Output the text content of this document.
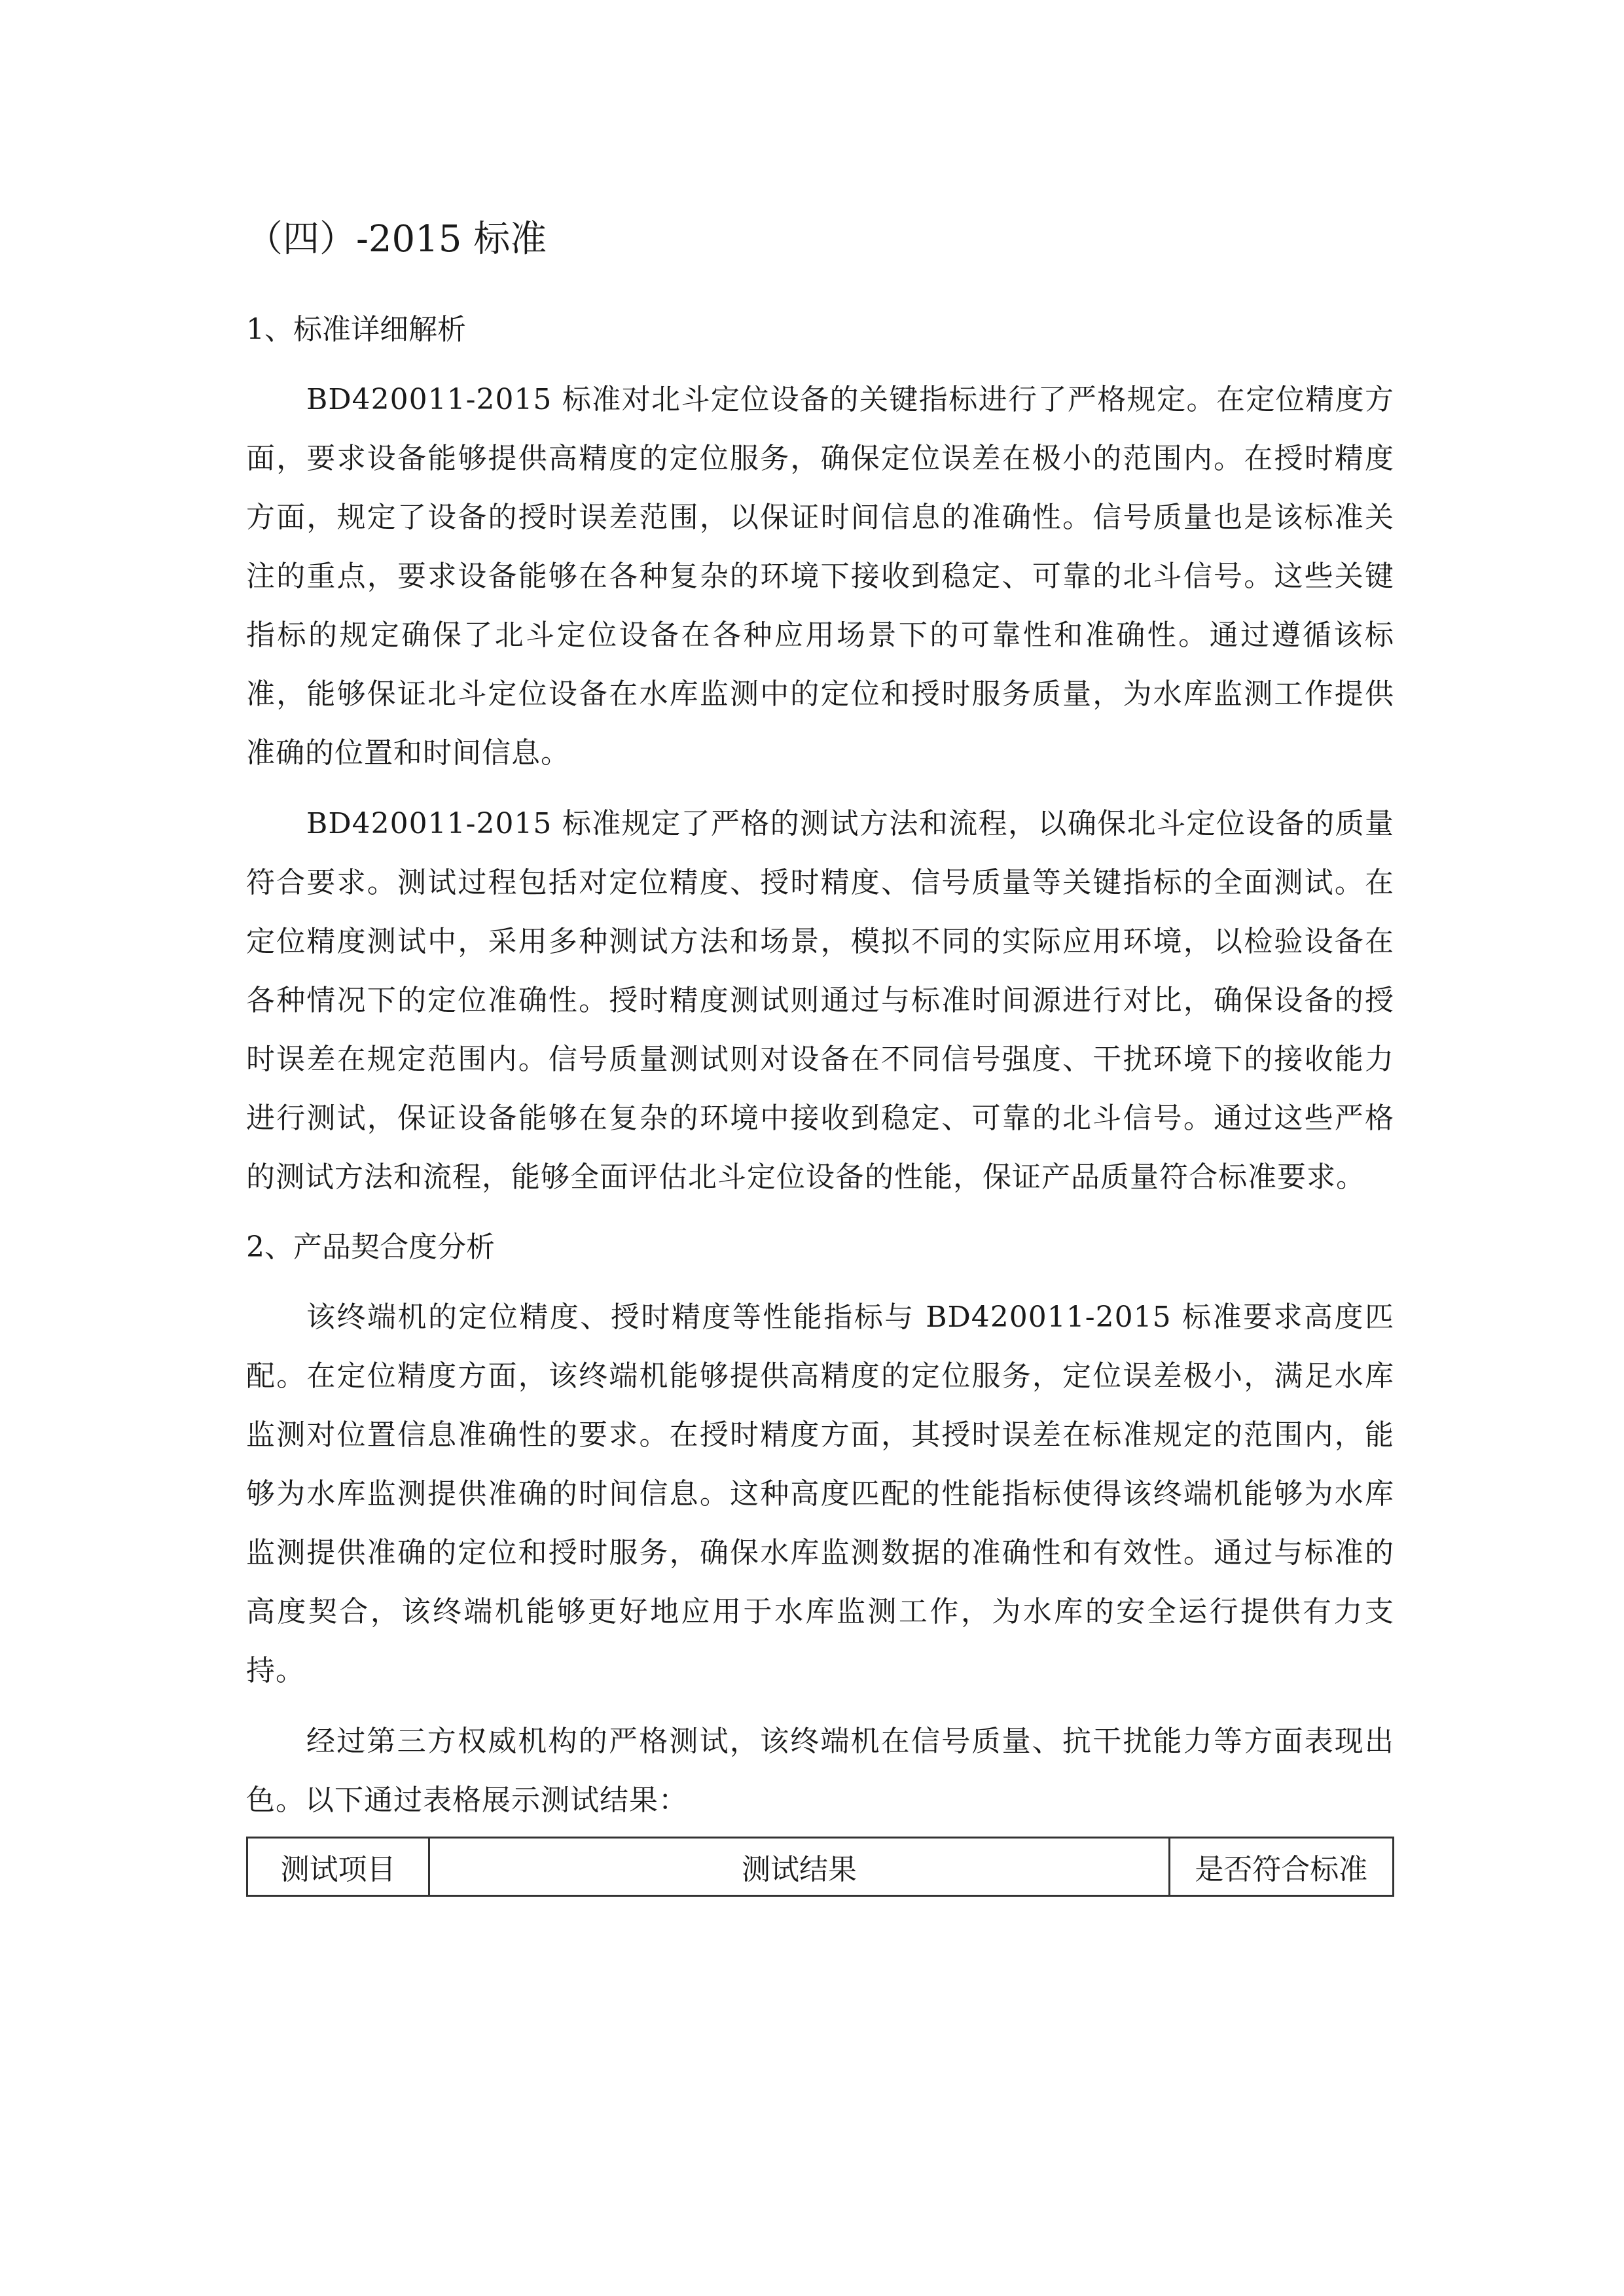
（四）-2015 标准
1、标准详细解析

BD420011-2015 标准对北斗定位设备的关键指标进行了严格规定。在定位精度方面，要求设备能够提供高精度的定位服务，确保定位误差在极小的范围内。在授时精度方面，规定了设备的授时误差范围，以保证时间信息的准确性。信号质量也是该标准关注的重点，要求设备能够在各种复杂的环境下接收到稳定、可靠的北斗信号。这些关键指标的规定确保了北斗定位设备在各种应用场景下的可靠性和准确性。通过遵循该标准，能够保证北斗定位设备在水库监测中的定位和授时服务质量，为水库监测工作提供准确的位置和时间信息。

BD420011-2015 标准规定了严格的测试方法和流程，以确保北斗定位设备的质量符合要求。测试过程包括对定位精度、授时精度、信号质量等关键指标的全面测试。在定位精度测试中，采用多种测试方法和场景，模拟不同的实际应用环境，以检验设备在各种情况下的定位准确性。授时精度测试则通过与标准时间源进行对比，确保设备的授时误差在规定范围内。信号质量测试则对设备在不同信号强度、干扰环境下的接收能力进行测试，保证设备能够在复杂的环境中接收到稳定、可靠的北斗信号。通过这些严格的测试方法和流程，能够全面评估北斗定位设备的性能，保证产品质量符合标准要求。

2、产品契合度分析

该终端机的定位精度、授时精度等性能指标与 BD420011-2015 标准要求高度匹配。在定位精度方面，该终端机能够提供高精度的定位服务，定位误差极小，满足水库监测对位置信息准确性的要求。在授时精度方面，其授时误差在标准规定的范围内，能够为水库监测提供准确的时间信息。这种高度匹配的性能指标使得该终端机能够为水库监测提供准确的定位和授时服务，确保水库监测数据的准确性和有效性。通过与标准的高度契合，该终端机能够更好地应用于水库监测工作，为水库的安全运行提供有力支持。

经过第三方权威机构的严格测试，该终端机在信号质量、抗干扰能力等方面表现出色。以下通过表格展示测试结果：

测试项目	测试结果	是否符合标准
